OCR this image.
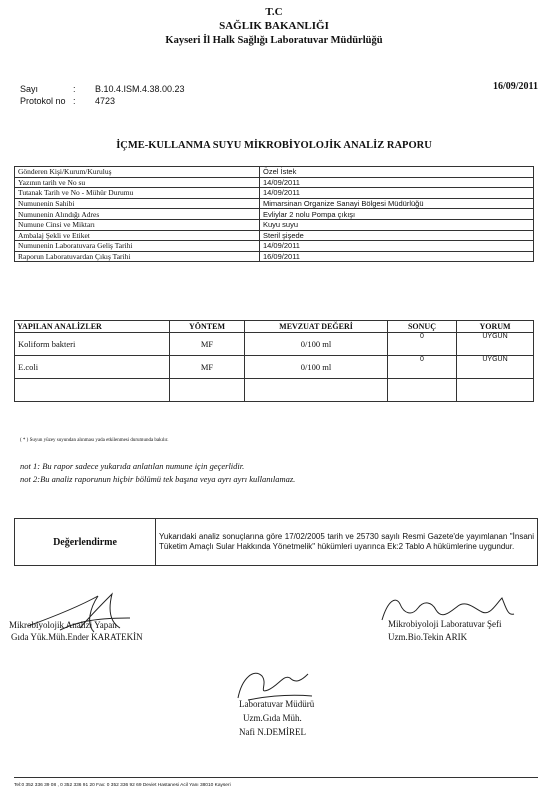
T.C
SAĞLIK BAKANLIĞI
Kayseri İl Halk Sağlığı Laboratuvar Müdürlüğü
Sayı	: B.10.4.ISM.4.38.00.23
Protokol no : 4723
16/09/2011
İÇME-KULLANMA SUYU MİKROBİYOLOJİK ANALİZ RAPORU
Gönderen Kişi/Kurum/Kuruluş	Özel İstek
Yazının tarih ve No su	14/09/2011
Tutanak Tarih ve No - Mühür Durumu	14/09/2011
Numunenin Sahibi	Mimarsinan Organize Sanayi Bölgesi Müdürlüğü
Numunenin Alındığı Adres	Evliylar 2 nolu Pompa çıkışı
Numune Cinsi ve Miktarı	Kuyu suyu
Ambalaj Şekli ve Etiket	Steril şişede
Numunenin Laboratuvara Geliş Tarihi	14/09/2011
Raporun Laboratuvardan Çıkış Tarihi	16/09/2011
YAPILAN ANALİZLER	YÖNTEM	MEVZUAT DEĞERİ	SONUÇ	YORUM
Koliform bakteri	MF	0/100 ml	0	UYGUN
E.coli	MF	0/100 ml	0	UYGUN

( * ) Suyun yüzey suyundan alınması yada etkilenmesi durumunda bakılır.
not 1: Bu rapor sadece yukarıda anlatılan numune için geçerlidir.
not 2:Bu analiz raporunun hiçbir bölümü tek başına veya ayrı ayrı kullanılamaz.
Değerlendirme	Yukarıdaki analiz sonuçlarına göre 17/02/2005 tarih ve 25730 sayılı Resmi Gazete'de yayımlanan "İnsani Tüketim Amaçlı Sular Hakkında Yönetmelik" hükümleri uyarınca Ek:2 Tablo A hükümlerine uygundur.
Mikrobiyolojik Analizi Yapan
Gıda Yük.Müh.Ender KARATEKİN
Mikrobiyoloji Laboratuvar Şefi
Uzm.Bio.Tekin ARIK
Laboratuvar Müdürü
Uzm.Gıda Müh.
Nafi N.DEMİREL
Tel:0 352 336 39 08 , 0 352 336 91 20 Fax: 0 352 336 92 69 Deviet Hastanesi Acil Yanı 38010 Kayseri
